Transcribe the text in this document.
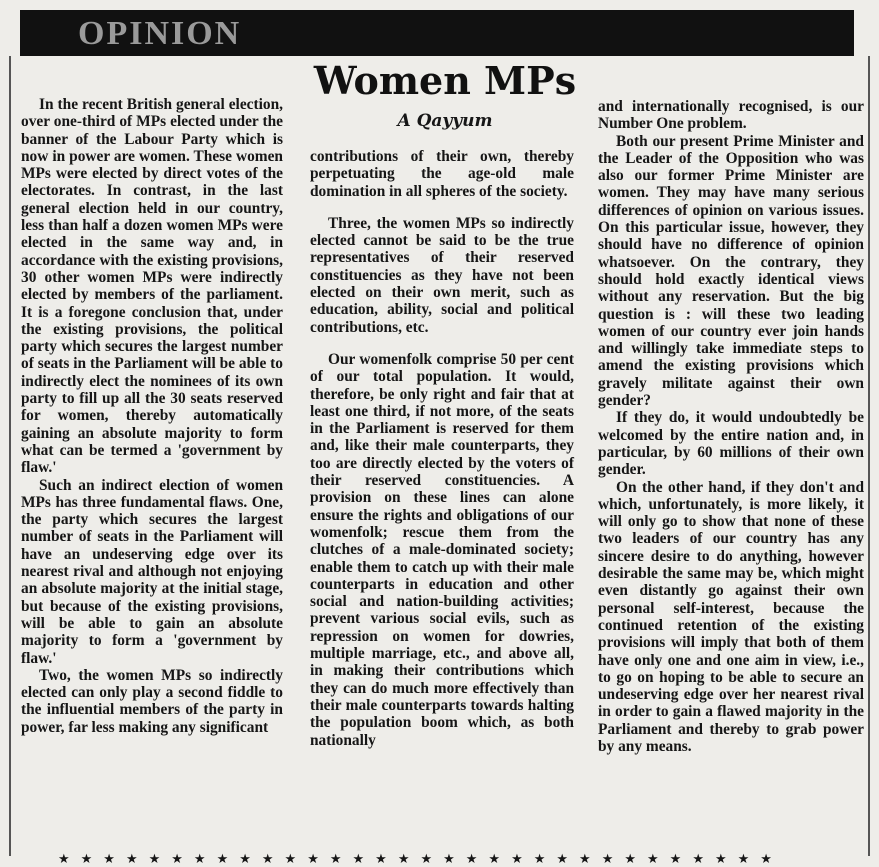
OPINION
Women MPs
A Qayyum

In the recent British general election, over one-third of MPs elected under the banner of the Labour Party which is now in power are women. These women MPs were elected by direct votes of the electorates. In contrast, in the last general election held in our country, less than half a dozen women MPs were elected in the same way and, in accordance with the existing provisions, 30 other women MPs were indirectly elected by members of the parliament. It is a foregone conclusion that, under the existing provisions, the political party which secures the largest number of seats in the Parliament will be able to indirectly elect the nominees of its own party to fill up all the 30 seats reserved for women, thereby automatically gaining an absolute majority to form what can be termed a 'government by flaw.'

Such an indirect election of women MPs has three fundamental flaws. One, the party which secures the largest number of seats in the Parliament will have an undeserving edge over its nearest rival and although not enjoying an absolute majority at the initial stage, but because of the existing provisions, will be able to gain an absolute majority to form a 'government by flaw.'

Two, the women MPs so indirectly elected can only play a second fiddle to the influential members of the party in power, far less making any significant

contributions of their own, thereby perpetuating the age-old male domination in all spheres of the society.

Three, the women MPs so indirectly elected cannot be said to be the true representatives of their reserved constituencies as they have not been elected on their own merit, such as education, ability, social and political contributions, etc.

Our womenfolk comprise 50 per cent of our total population. It would, therefore, be only right and fair that at least one third, if not more, of the seats in the Parliament is reserved for them and, like their male counterparts, they too are directly elected by the voters of their reserved constituencies. A provision on these lines can alone ensure the rights and obligations of our womenfolk; rescue them from the clutches of a male-dominated society; enable them to catch up with their male counterparts in education and other social and nation-building activities; prevent various social evils, such as repression on women for dowries, multiple marriage, etc., and above all, in making their contributions which they can do much more effectively than their male counterparts towards halting the population boom which, as both nationally

and internationally recognised, is our Number One problem.

Both our present Prime Minister and the Leader of the Opposition who was also our former Prime Minister are women. They may have many serious differences of opinion on various issues. On this particular issue, however, they should have no difference of opinion whatsoever. On the contrary, they should hold exactly identical views without any reservation. But the big question is : will these two leading women of our country ever join hands and willingly take immediate steps to amend the existing provisions which gravely militate against their own gender?

If they do, it would undoubtedly be welcomed by the entire nation and, in particular, by 60 millions of their own gender.

On the other hand, if they don't and which, unfortunately, is more likely, it will only go to show that none of these two leaders of our country has any sincere desire to do anything, however desirable the same may be, which might even distantly go against their own personal self-interest, because the continued retention of the existing provisions will imply that both of them have only one and one aim in view, i.e., to go on hoping to be able to secure an undeserving edge over her nearest rival in order to gain a flawed majority in the Parliament and thereby to grab power by any means.

★★★★★★★★★★★★★★★★★★★★★★★★★★★★★★★★
